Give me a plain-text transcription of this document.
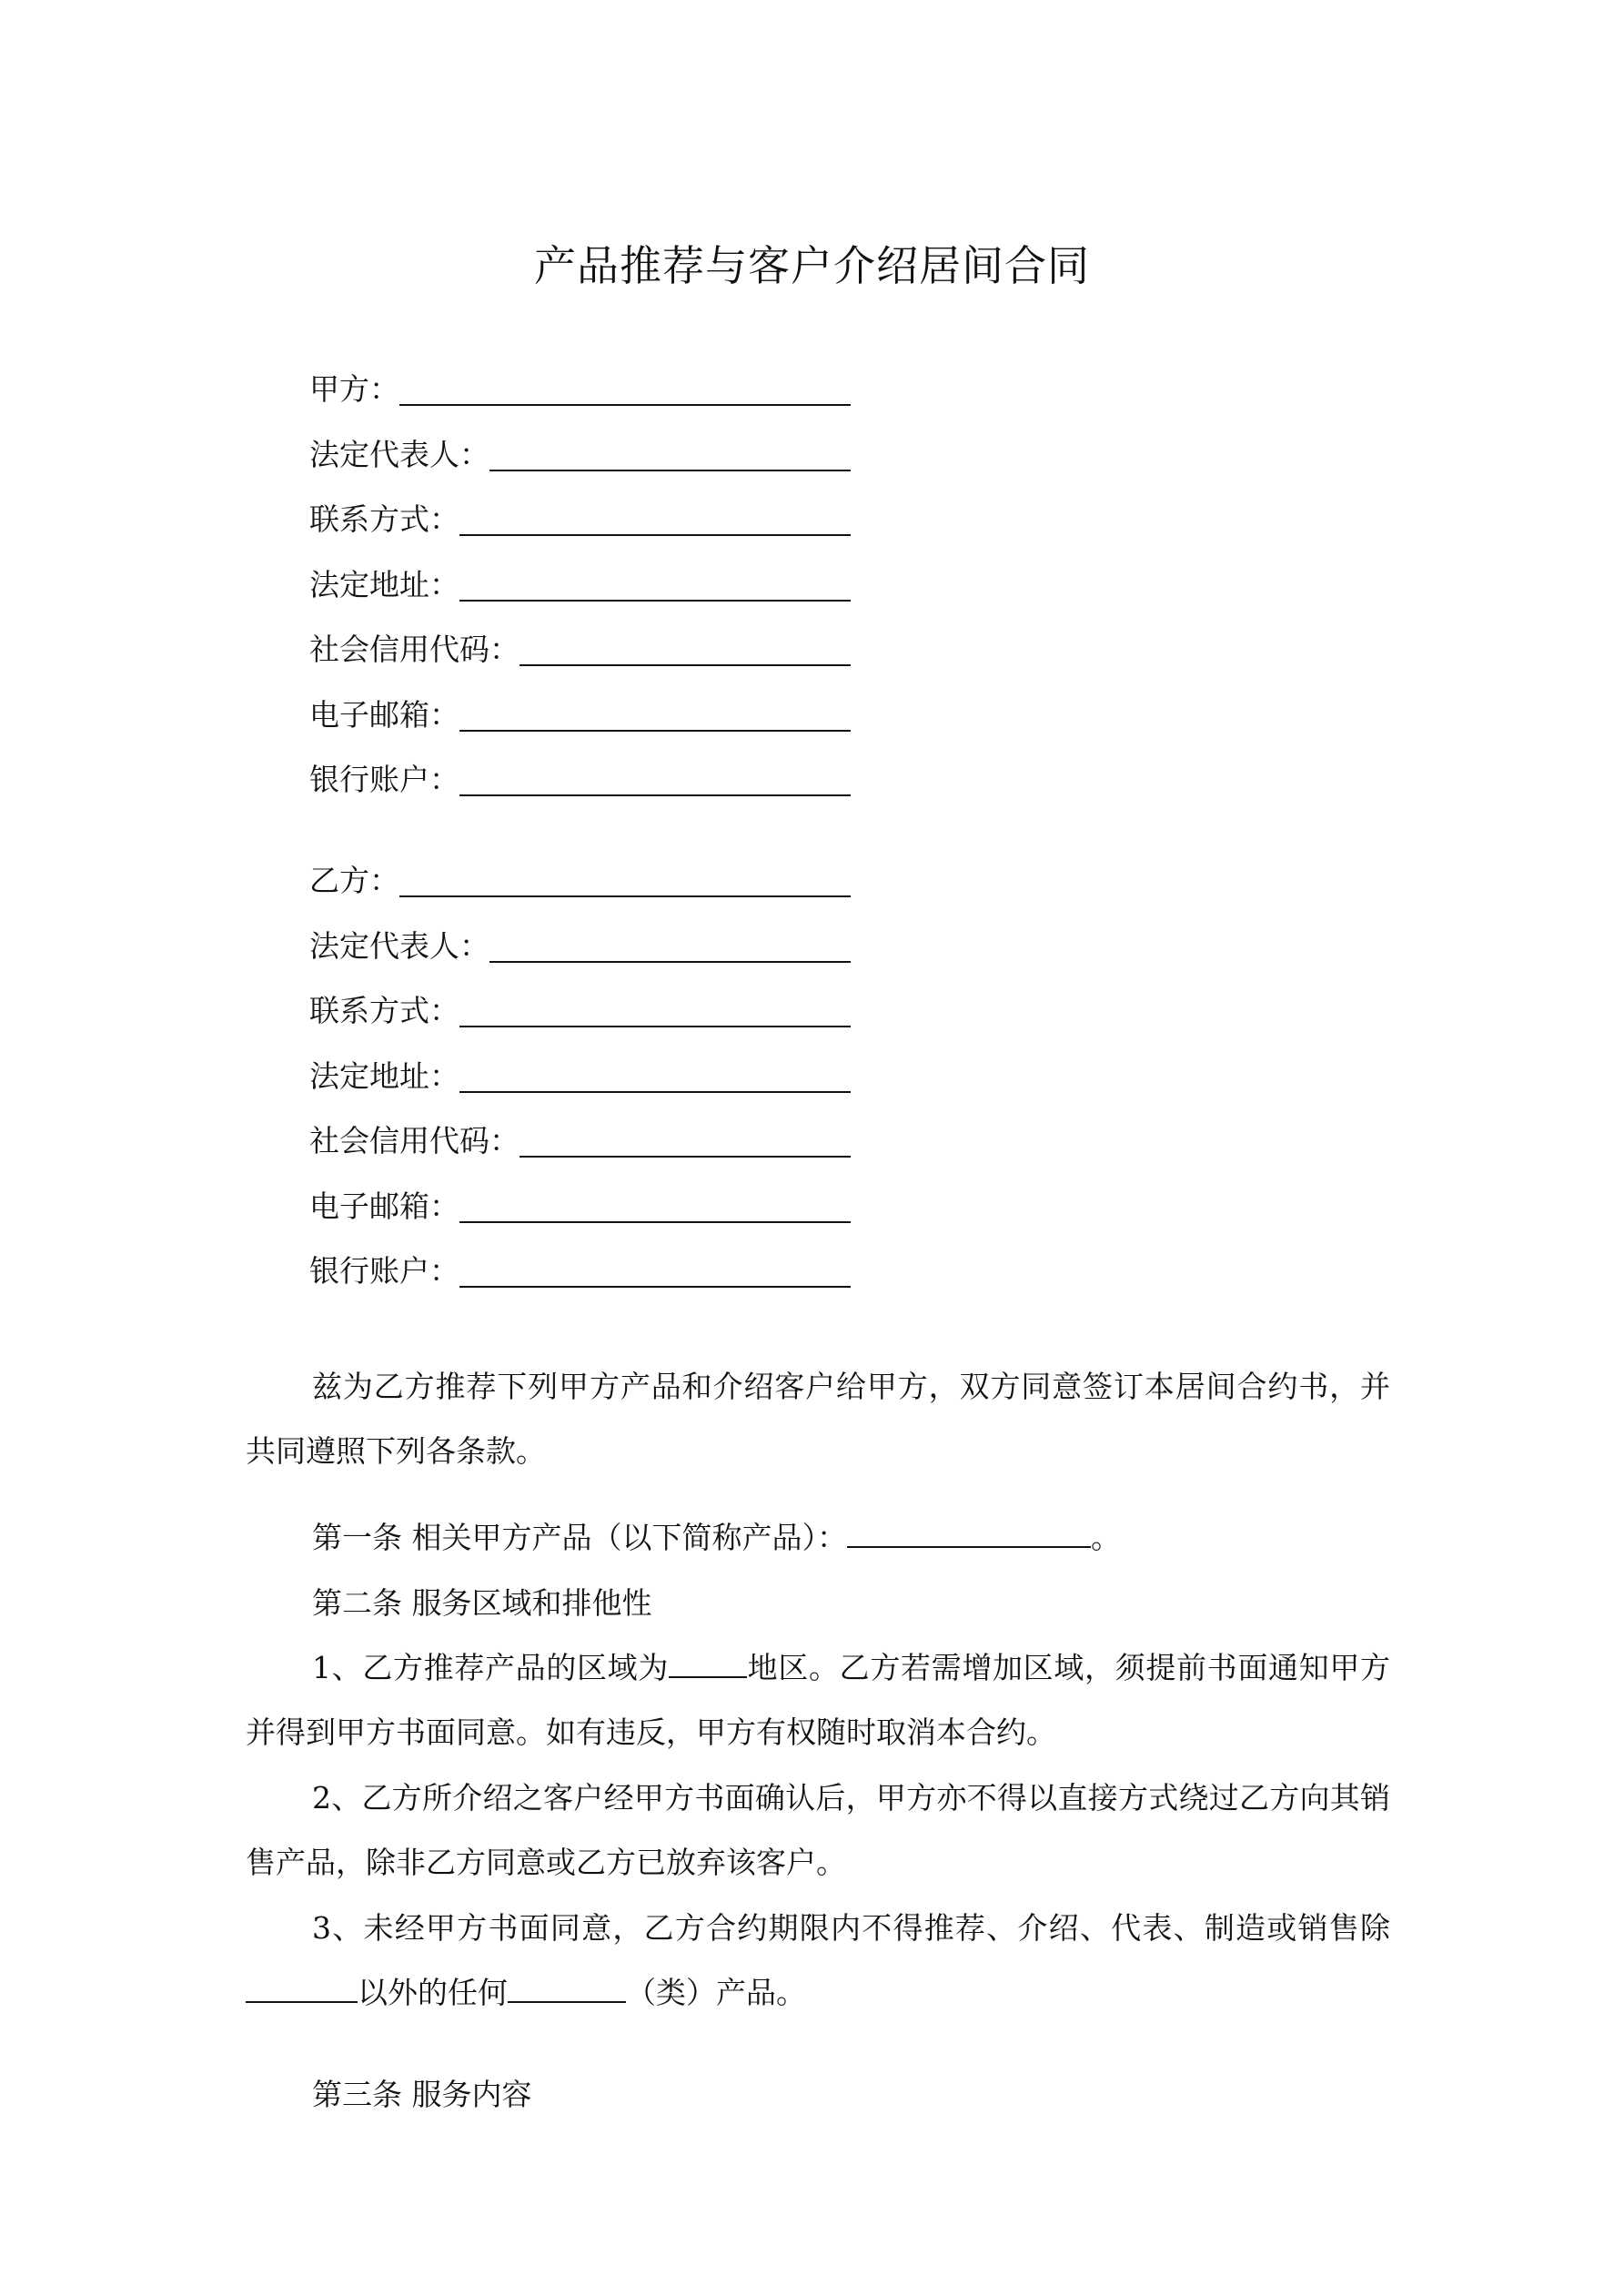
产品推荐与客户介绍居间合同
甲方：
法定代表人：
联系方式：
法定地址：
社会信用代码：
电子邮箱：
银行账户：
乙方：
法定代表人：
联系方式：
法定地址：
社会信用代码：
电子邮箱：
银行账户：

兹为乙方推荐下列甲方产品和介绍客户给甲方，双方同意签订本居间合约书，并共同遵照下列各条款。

第一条 相关甲方产品（以下简称产品）：	。
第二条 服务区域和排他性

1、乙方推荐产品的区域为	地区。乙方若需增加区域，须提前书面通知甲方并得到甲方书面同意。如有违反，甲方有权随时取消本合约。

2、乙方所介绍之客户经甲方书面确认后，甲方亦不得以直接方式绕过乙方向其销售产品，除非乙方同意或乙方已放弃该客户。

3、未经甲方书面同意，乙方合约期限内不得推荐、介绍、代表、制造或销售除以外的任何	（类）产品。

第三条 服务内容
